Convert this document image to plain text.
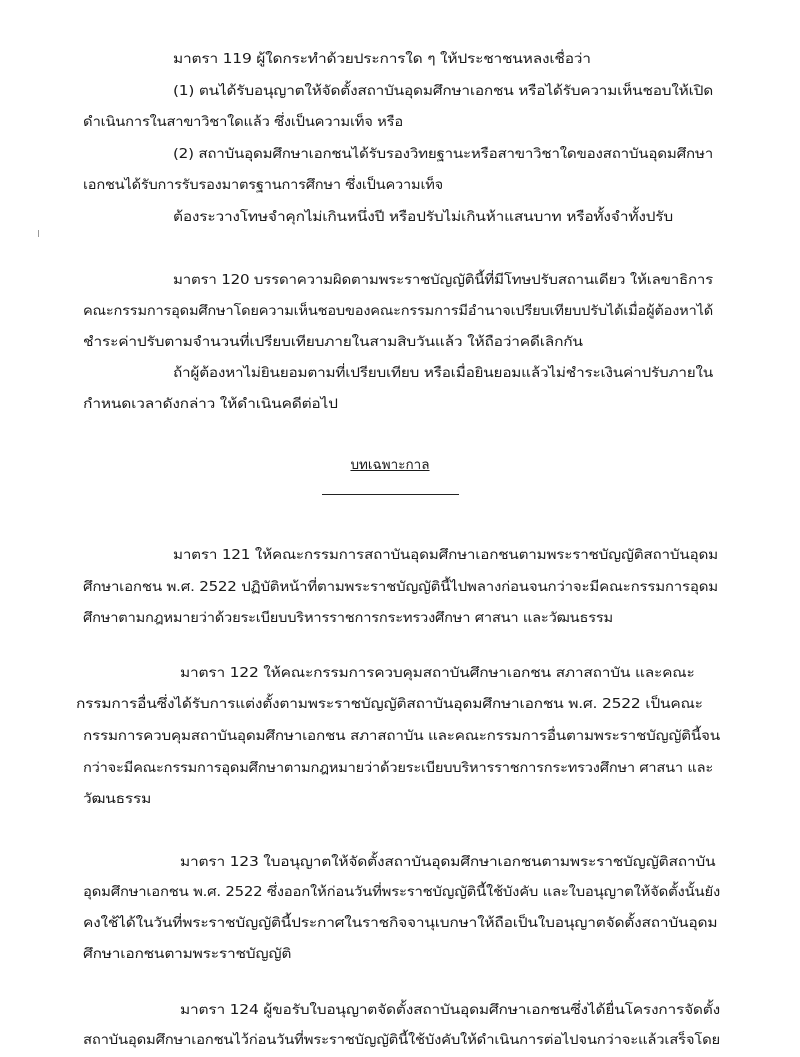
มาตรา 119 ผู้ใดกระทำด้วยประการใด ๆ ให้ประชาชนหลงเชื่อว่า
(1) ตนได้รับอนุญาตให้จัดตั้งสถาบันอุดมศึกษาเอกชน หรือได้รับความเห็นชอบให้เปิด
ดำเนินการในสาขาวิชาใดแล้ว ซึ่งเป็นความเท็จ หรือ
(2) สถาบันอุดมศึกษาเอกชนได้รับรองวิทยฐานะหรือสาขาวิชาใดของสถาบันอุดมศึกษา
เอกชนได้รับการรับรองมาตรฐานการศึกษา ซึ่งเป็นความเท็จ
ต้องระวางโทษจำคุกไม่เกินหนึ่งปี หรือปรับไม่เกินห้าแสนบาท หรือทั้งจำทั้งปรับ
มาตรา 120 บรรดาความผิดตามพระราชบัญญัตินี้ที่มีโทษปรับสถานเดียว ให้เลขาธิการ
คณะกรรมการอุดมศึกษาโดยความเห็นชอบของคณะกรรมการมีอำนาจเปรียบเทียบปรับได้เมื่อผู้ต้องหาได้
ชำระค่าปรับตามจำนวนที่เปรียบเทียบภายในสามสิบวันแล้ว ให้ถือว่าคดีเลิกกัน
ถ้าผู้ต้องหาไม่ยินยอมตามที่เปรียบเทียบ หรือเมื่อยินยอมแล้วไม่ชำระเงินค่าปรับภายใน
กำหนดเวลาดังกล่าว ให้ดำเนินคดีต่อไป
บทเฉพาะกาล
มาตรา 121 ให้คณะกรรมการสถาบันอุดมศึกษาเอกชนตามพระราชบัญญัติสถาบันอุดม
ศึกษาเอกชน พ.ศ. 2522 ปฏิบัติหน้าที่ตามพระราชบัญญัตินี้ไปพลางก่อนจนกว่าจะมีคณะกรรมการอุดม
ศึกษาตามกฎหมายว่าด้วยระเบียบบริหารราชการกระทรวงศึกษา ศาสนา และวัฒนธรรม
มาตรา 122 ให้คณะกรรมการควบคุมสถาบันศึกษาเอกชน สภาสถาบัน และคณะ
กรรมการอื่นซึ่งได้รับการแต่งตั้งตามพระราชบัญญัติสถาบันอุดมศึกษาเอกชน พ.ศ. 2522 เป็นคณะ
กรรมการควบคุมสถาบันอุดมศึกษาเอกชน สภาสถาบัน และคณะกรรมการอื่นตามพระราชบัญญัตินี้จน
กว่าจะมีคณะกรรมการอุดมศึกษาตามกฎหมายว่าด้วยระเบียบบริหารราชการกระทรวงศึกษา ศาสนา และ
วัฒนธรรม
มาตรา 123 ใบอนุญาตให้จัดตั้งสถาบันอุดมศึกษาเอกชนตามพระราชบัญญัติสถาบัน
อุดมศึกษาเอกชน พ.ศ. 2522 ซึ่งออกให้ก่อนวันที่พระราชบัญญัตินี้ใช้บังคับ และใบอนุญาตให้จัดตั้งนั้นยัง
คงใช้ได้ในวันที่พระราชบัญญัตินี้ประกาศในราชกิจจานุเบกษาให้ถือเป็นใบอนุญาตจัดตั้งสถาบันอุดม
ศึกษาเอกชนตามพระราชบัญญัติ
มาตรา 124 ผู้ขอรับใบอนุญาตจัดตั้งสถาบันอุดมศึกษาเอกชนซึ่งได้ยื่นโครงการจัดตั้ง
สถาบันอุดมศึกษาเอกชนไว้ก่อนวันที่พระราชบัญญัตินี้ใช้บังคับให้ดำเนินการต่อไปจนกว่าจะแล้วเสร็จโดย
